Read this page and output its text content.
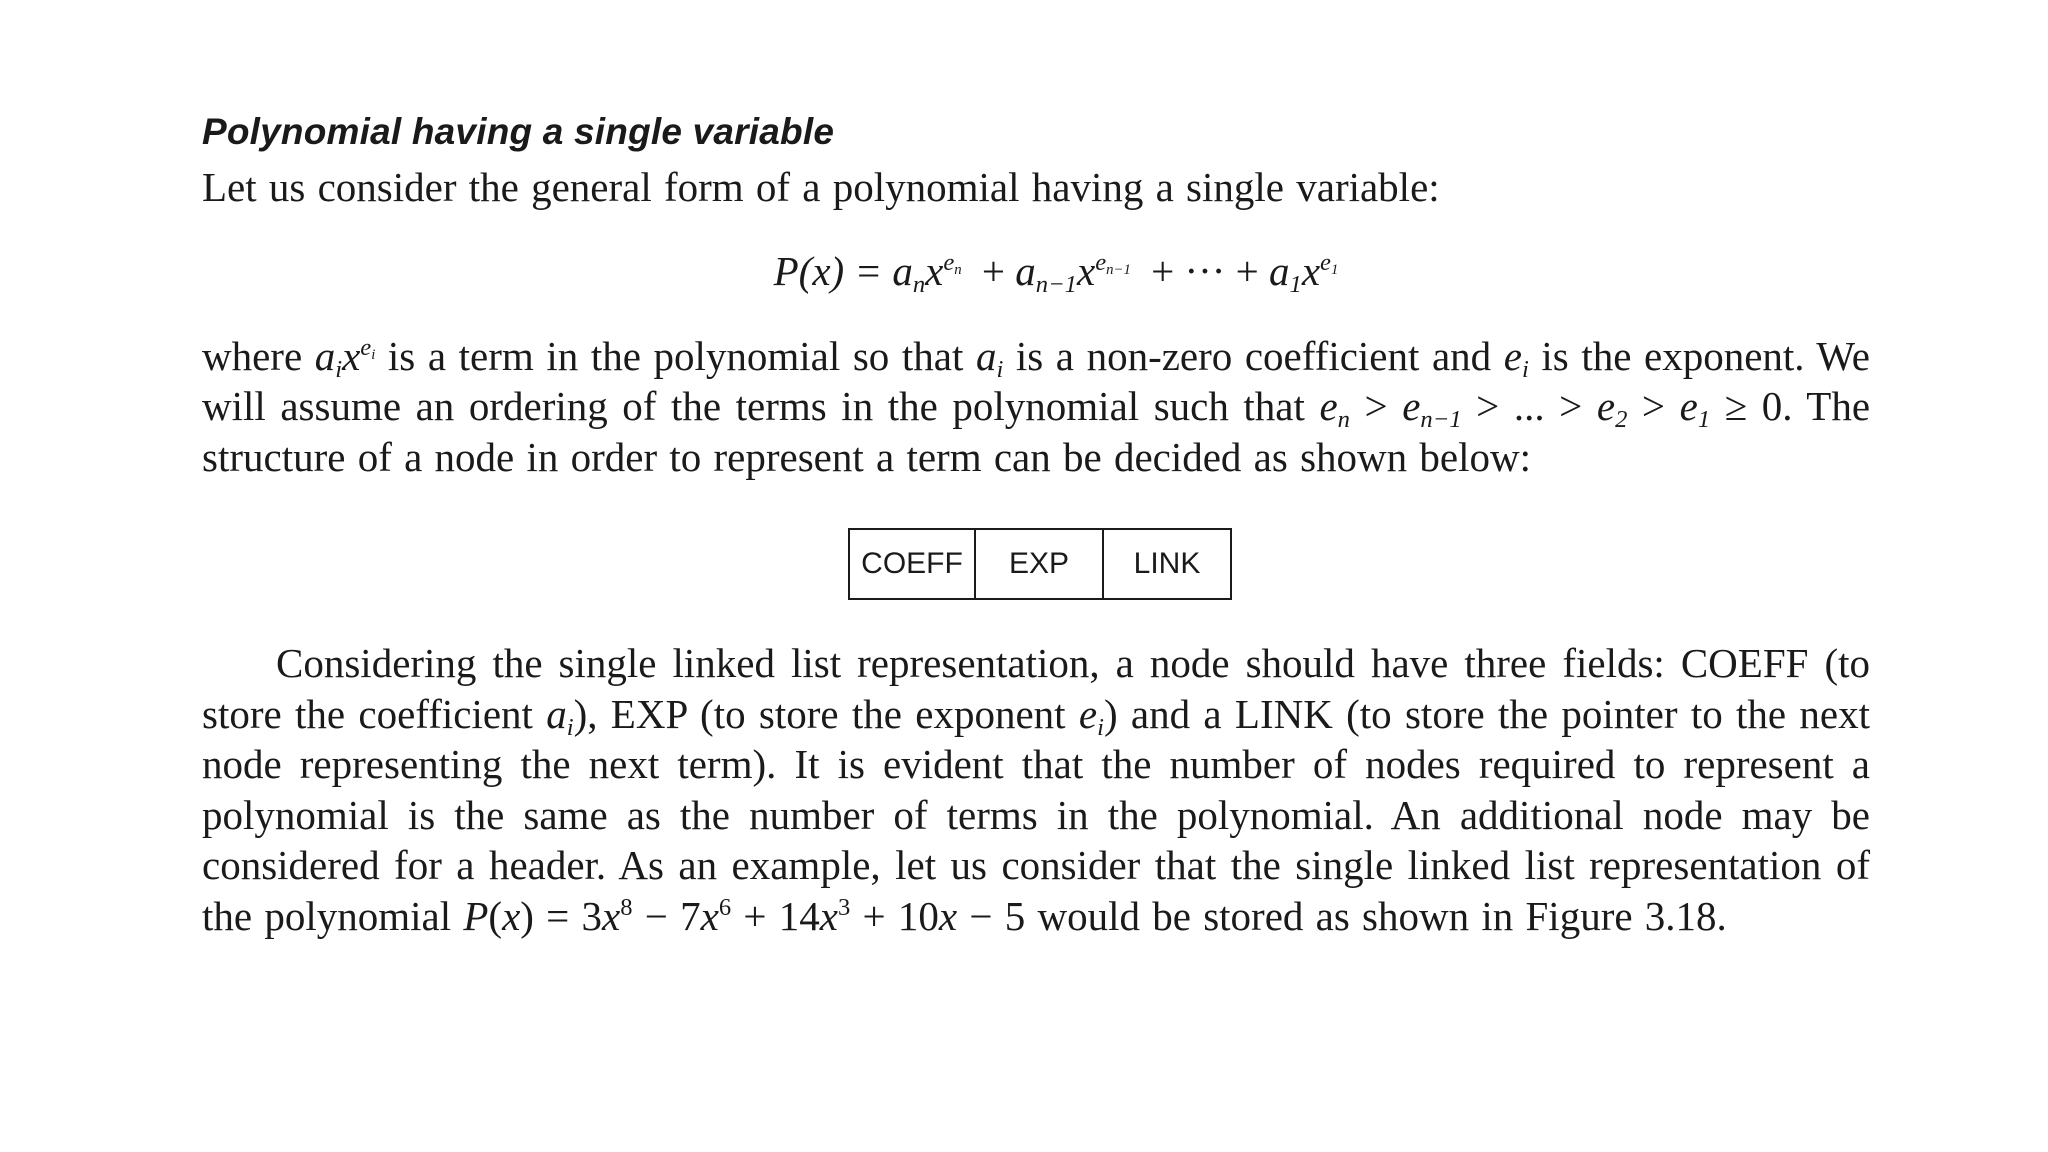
Polynomial having a single variable

Let us consider the general form of a polynomial having a single variable:

$P(x) = a_nx^{e_n} + a_{n-1}x^{e_{n-1}}$ + ··· + $a_1x^{e_1}$

where $a_ix^{e_i}$ is a term in the polynomial so that $a_i$ is a non-zero coefficient and $e_i$ is the exponent. We will assume an ordering of the terms in the polynomial such that $e_n > e_{n-1}$ > ... > $e_2 > e_1 \ge 0$. The structure of a node in order to represent a term can be decided as shown below:

COEFF	EXP	LINK

Considering the single linked list representation, a node should have three fields: COEFF (to store the coefficient $a_i$), EXP (to store the exponent $e_i$) and a LINK (to store the pointer to the next node representing the next term). It is evident that the number of nodes required to represent a polynomial is the same as the number of terms in the polynomial. An additional node may be considered for a header. As an example, let us consider that the single linked list representation of the polynomial $P(x) = 3x^8 - 7x^6 + 14x^3 + 10x - 5$ would be stored as shown in Figure 3.18.
